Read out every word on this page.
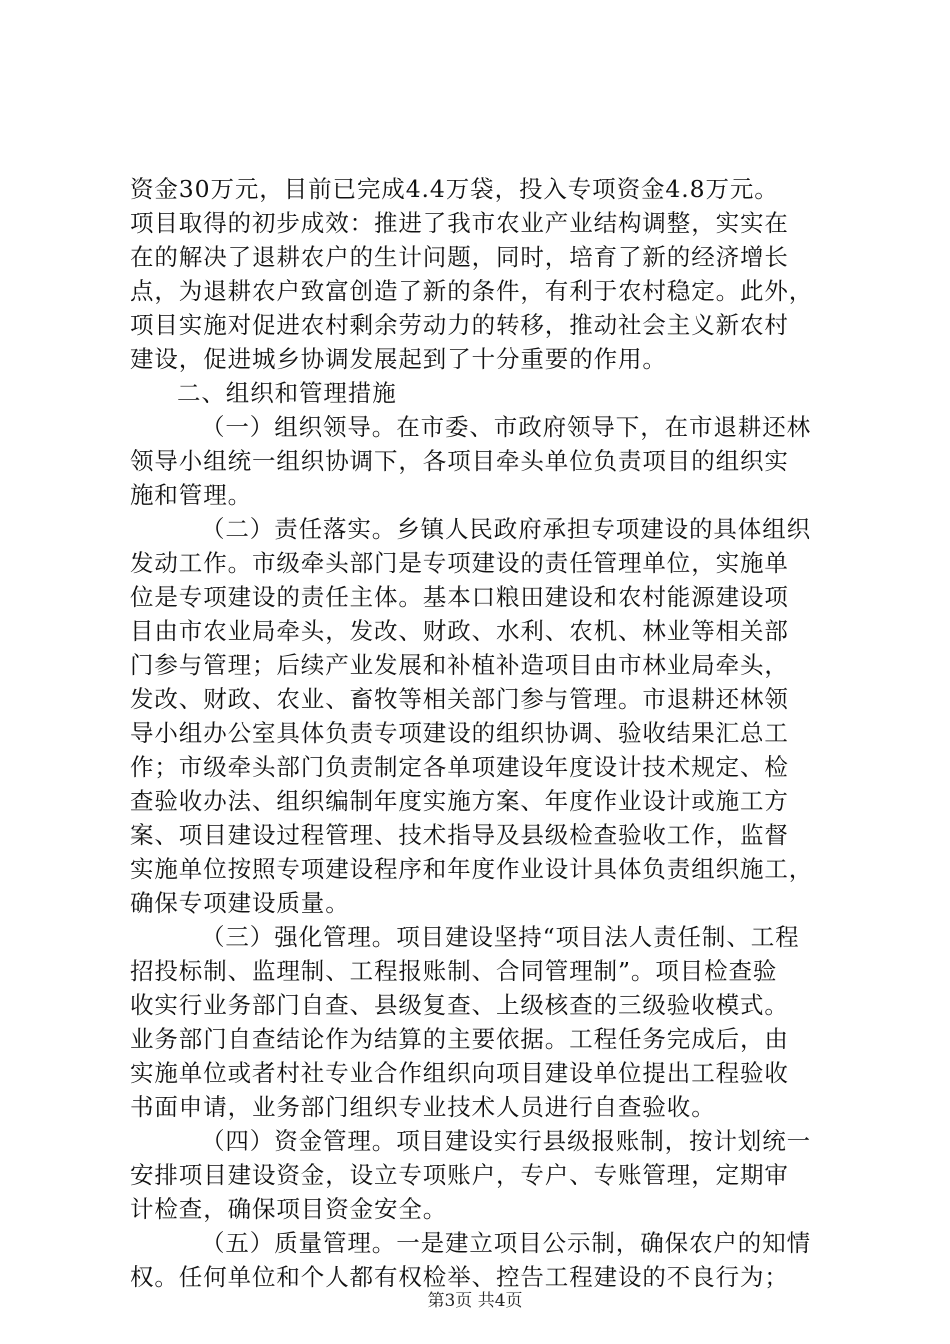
资金30万元，目前已完成4.4万袋，投入专项资金4.8万元。
项目取得的初步成效：推进了我市农业产业结构调整，实实在
在的解决了退耕农户的生计问题，同时，培育了新的经济增长
点，为退耕农户致富创造了新的条件，有利于农村稳定。此外，
项目实施对促进农村剩余劳动力的转移，推动社会主义新农村
建设，促进城乡协调发展起到了十分重要的作用。
二、组织和管理措施
（一）组织领导。在市委、市政府领导下，在市退耕还林
领导小组统一组织协调下，各项目牵头单位负责项目的组织实
施和管理。
（二）责任落实。乡镇人民政府承担专项建设的具体组织
发动工作。市级牵头部门是专项建设的责任管理单位，实施单
位是专项建设的责任主体。基本口粮田建设和农村能源建设项
目由市农业局牵头，发改、财政、水利、农机、林业等相关部
门参与管理；后续产业发展和补植补造项目由市林业局牵头，
发改、财政、农业、畜牧等相关部门参与管理。市退耕还林领
导小组办公室具体负责专项建设的组织协调、验收结果汇总工
作；市级牵头部门负责制定各单项建设年度设计技术规定、检
查验收办法、组织编制年度实施方案、年度作业设计或施工方
案、项目建设过程管理、技术指导及县级检查验收工作，监督
实施单位按照专项建设程序和年度作业设计具体负责组织施工，
确保专项建设质量。
（三）强化管理。项目建设坚持“项目法人责任制、工程
招投标制、监理制、工程报账制、合同管理制”。项目检查验
收实行业务部门自查、县级复查、上级核查的三级验收模式。
业务部门自查结论作为结算的主要依据。工程任务完成后，由
实施单位或者村社专业合作组织向项目建设单位提出工程验收
书面申请，业务部门组织专业技术人员进行自查验收。
（四）资金管理。项目建设实行县级报账制，按计划统一
安排项目建设资金，设立专项账户，专户、专账管理，定期审
计检查，确保项目资金安全。
（五）质量管理。一是建立项目公示制，确保农户的知情
权。任何单位和个人都有权检举、控告工程建设的不良行为；
第3页 共4页
